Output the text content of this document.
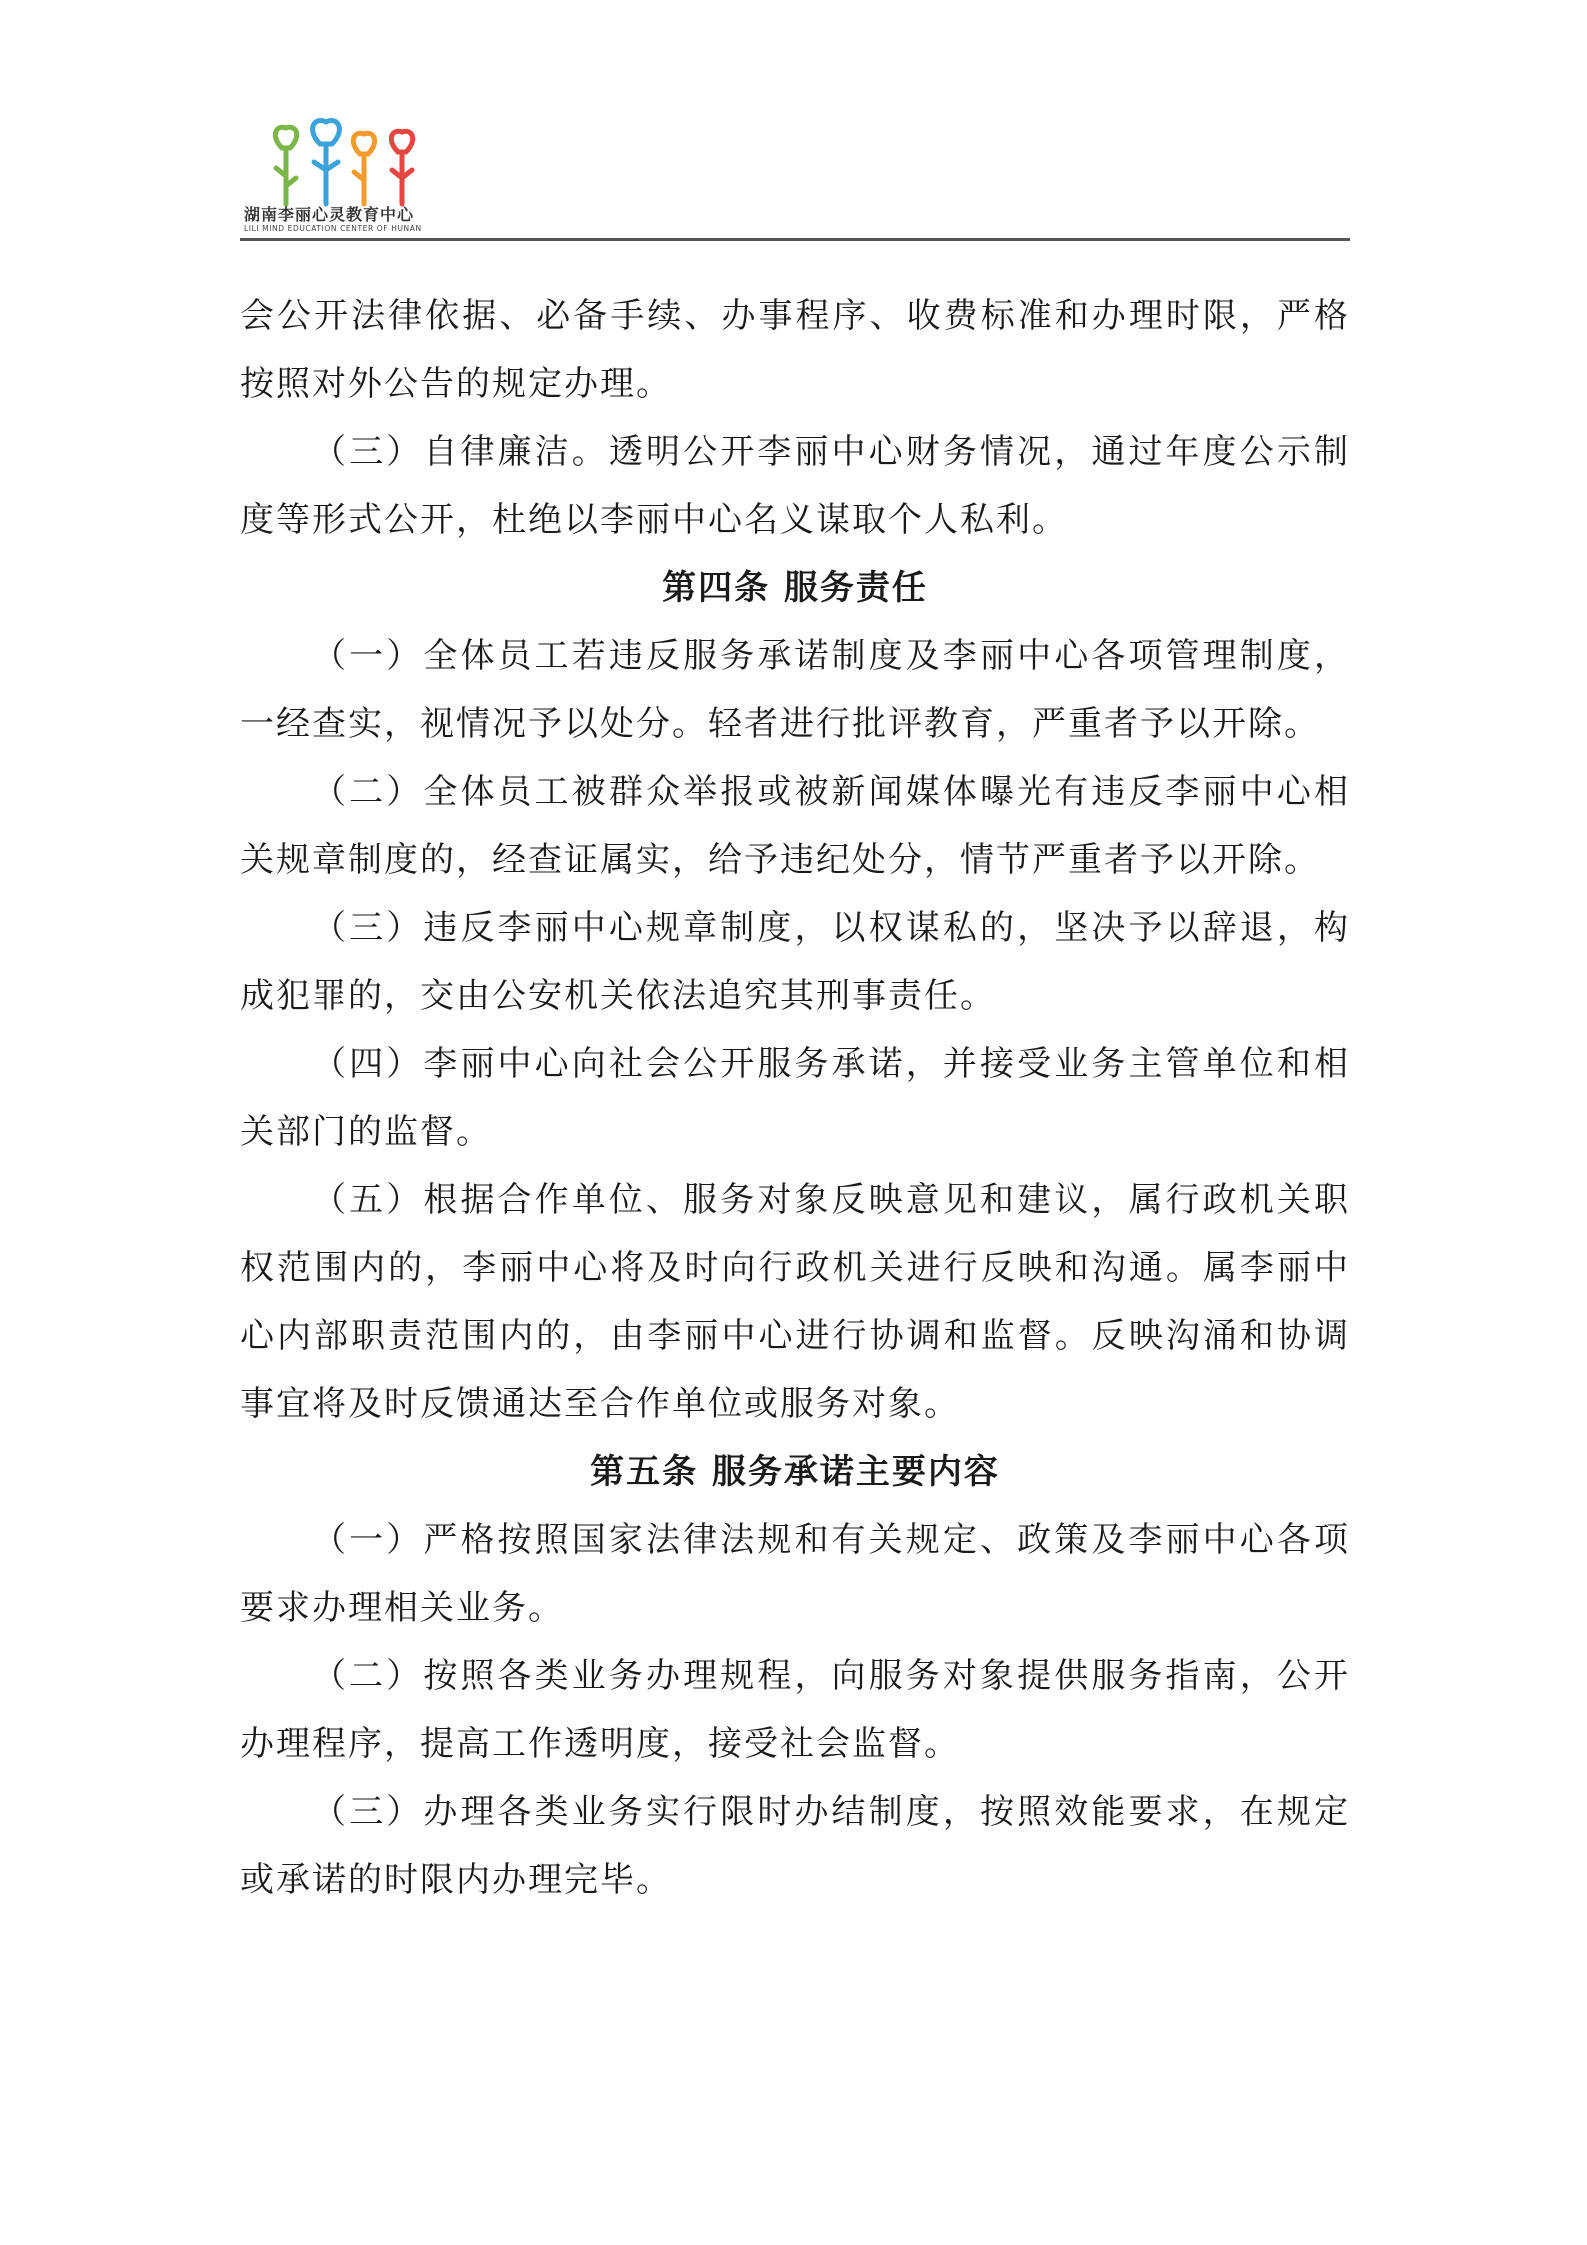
湖南李丽心灵教育中心
LILI MIND EDUCATION CENTER OF HUNAN

会公开法律依据、必备手续、办事程序、收费标准和办理时限，严格按照对外公告的规定办理。

（三）自律廉洁。透明公开李丽中心财务情况，通过年度公示制度等形式公开，杜绝以李丽中心名义谋取个人私利。

第四条 服务责任

（一）全体员工若违反服务承诺制度及李丽中心各项管理制度，一经查实，视情况予以处分。轻者进行批评教育，严重者予以开除。

（二）全体员工被群众举报或被新闻媒体曝光有违反李丽中心相关规章制度的，经查证属实，给予违纪处分，情节严重者予以开除。

（三）违反李丽中心规章制度，以权谋私的，坚决予以辞退，构成犯罪的，交由公安机关依法追究其刑事责任。

（四）李丽中心向社会公开服务承诺，并接受业务主管单位和相关部门的监督。

（五）根据合作单位、服务对象反映意见和建议，属行政机关职权范围内的，李丽中心将及时向行政机关进行反映和沟通。属李丽中心内部职责范围内的，由李丽中心进行协调和监督。反映沟涌和协调事宜将及时反馈通达至合作单位或服务对象。

第五条 服务承诺主要内容

（一）严格按照国家法律法规和有关规定、政策及李丽中心各项要求办理相关业务。

（二）按照各类业务办理规程，向服务对象提供服务指南，公开办理程序，提高工作透明度，接受社会监督。

（三）办理各类业务实行限时办结制度，按照效能要求，在规定或承诺的时限内办理完毕。
